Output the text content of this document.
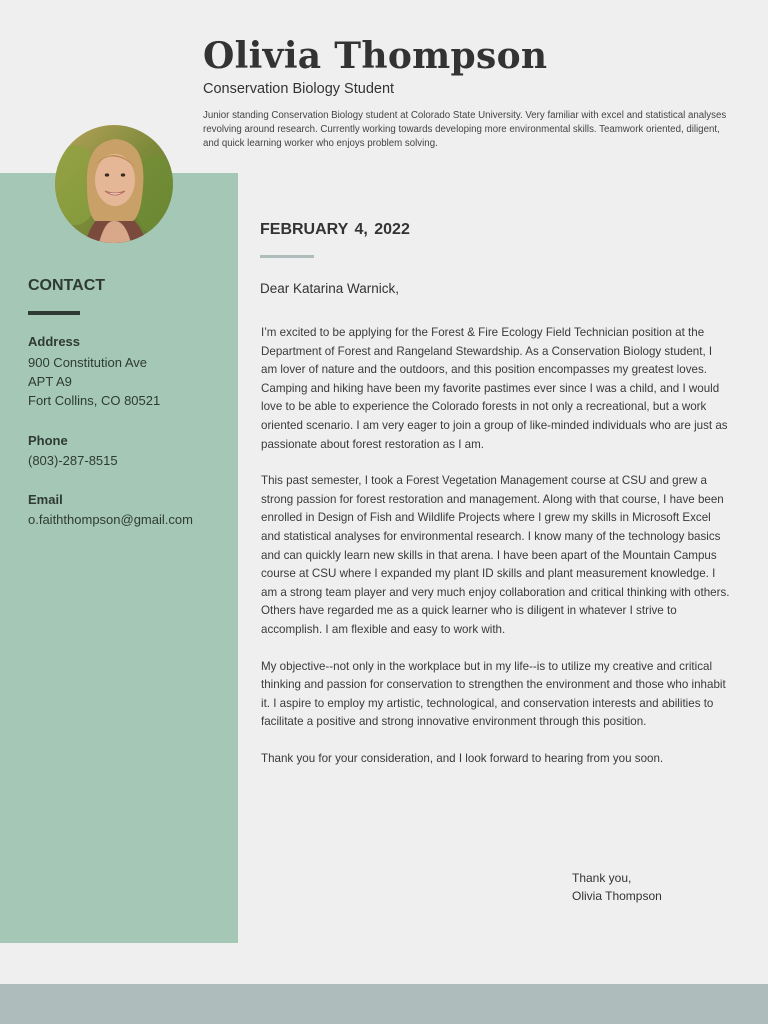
Olivia Thompson
Conservation Biology Student
Junior standing Conservation Biology student at Colorado State University. Very familiar with excel and statistical analyses revolving around research. Currently working towards developing more environmental skills. Teamwork oriented, diligent, and quick learning worker who enjoys problem solving.
CONTACT
Address
900 Constitution Ave
APT A9
Fort Collins, CO 80521
Phone
(803)-287-8515
Email
o.faiththompson@gmail.com
FEBRUARY 4, 2022
Dear Katarina Warnick,

I’m excited to be applying for the Forest & Fire Ecology Field Technician position at the Department of Forest and Rangeland Stewardship. As a Conservation Biology student, I am lover of nature and the outdoors, and this position encompasses my greatest loves. Camping and hiking have been my favorite pastimes ever since I was a child, and I would love to be able to experience the Colorado forests in not only a recreational, but a work oriented scenario. I am very eager to join a group of like-minded individuals who are just as passionate about forest restoration as I am.

This past semester, I took a Forest Vegetation Management course at CSU and grew a strong passion for forest restoration and management. Along with that course, I have been enrolled in Design of Fish and Wildlife Projects where I grew my skills in Microsoft Excel and statistical analyses for environmental research. I know many of the technology basics and can quickly learn new skills in that arena. I have been apart of the Mountain Campus course at CSU where I expanded my plant ID skills and plant measurement knowledge. I am a strong team player and very much enjoy collaboration and critical thinking with others. Others have regarded me as a quick learner who is diligent in whatever I strive to accomplish. I am flexible and easy to work with.

My objective--not only in the workplace but in my life--is to utilize my creative and critical thinking and passion for conservation to strengthen the environment and those who inhabit it. I aspire to employ my artistic, technological, and conservation interests and abilities to facilitate a positive and strong innovative environment through this position.

Thank you for your consideration, and I look forward to hearing from you soon.

Thank you,
Olivia Thompson
